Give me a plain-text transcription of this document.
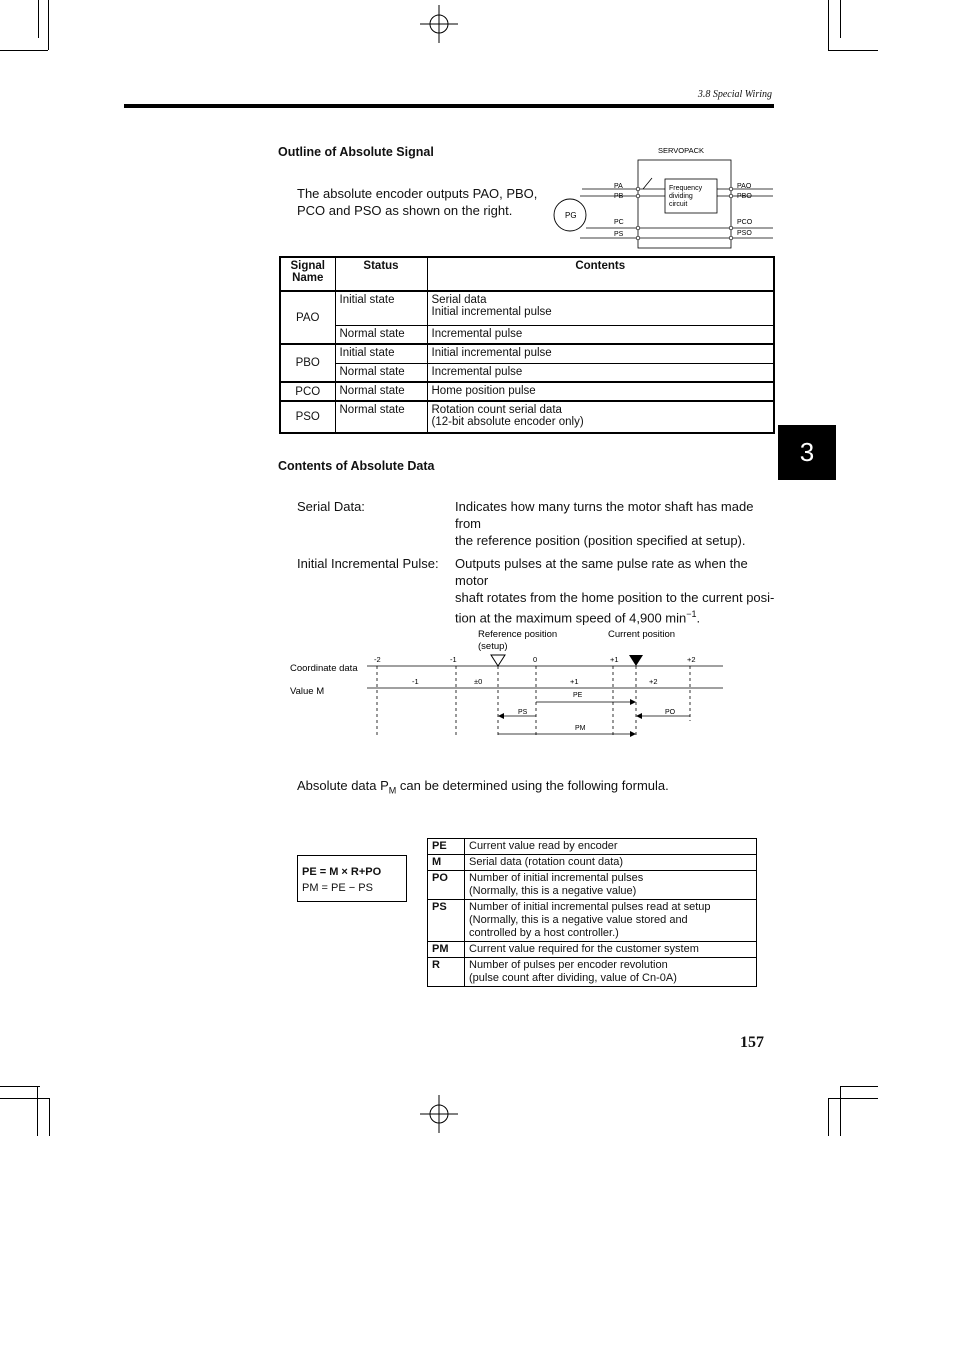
3.8 Special Wiring
Outline of Absolute Signal
The absolute encoder outputs PAO, PBO,
PCO and PSO as shown on the right.
SERVOPACK
PG
PA
PB
PC
PS
Frequency
dividing
circuit
PAO
PBO
PCO
PSO
Signal
Name	Status	Contents
PAO	Initial state	Serial data
Initial incremental pulse
	Normal state	Incremental pulse
PBO	Initial state	Initial incremental pulse
	Normal state	Incremental pulse
PCO	Normal state	Home position pulse
PSO	Normal state	Rotation count serial data
(12-bit absolute encoder only)
3
Contents of Absolute Data
Serial Data:	Indicates how many turns the motor shaft has made from
the reference position (position specified at setup).
Initial Incremental Pulse: Outputs pulses at the same pulse rate as when the motor
shaft rotates from the home position to the current posi-
tion at the maximum speed of 4,900 $\min^{-1}$.
Reference position
(setup)
Current position
Coordinate data
Value M
-2	-1	0	+1	+2
-1	±0	+1	+2
PE
PS	PO
PM
Absolute data $P_M$ can be determined using the following formula.
PE = M × R+PO
PM = PE − PS
PE	Current value read by encoder
M	Serial data (rotation count data)
PO	Number of initial incremental pulses
(Normally, this is a negative value)
PS	Number of initial incremental pulses read at setup
(Normally, this is a negative value stored and
controlled by a host controller.)
PM	Current value required for the customer system
R	Number of pulses per encoder revolution
(pulse count after dividing, value of Cn-0A)
157
